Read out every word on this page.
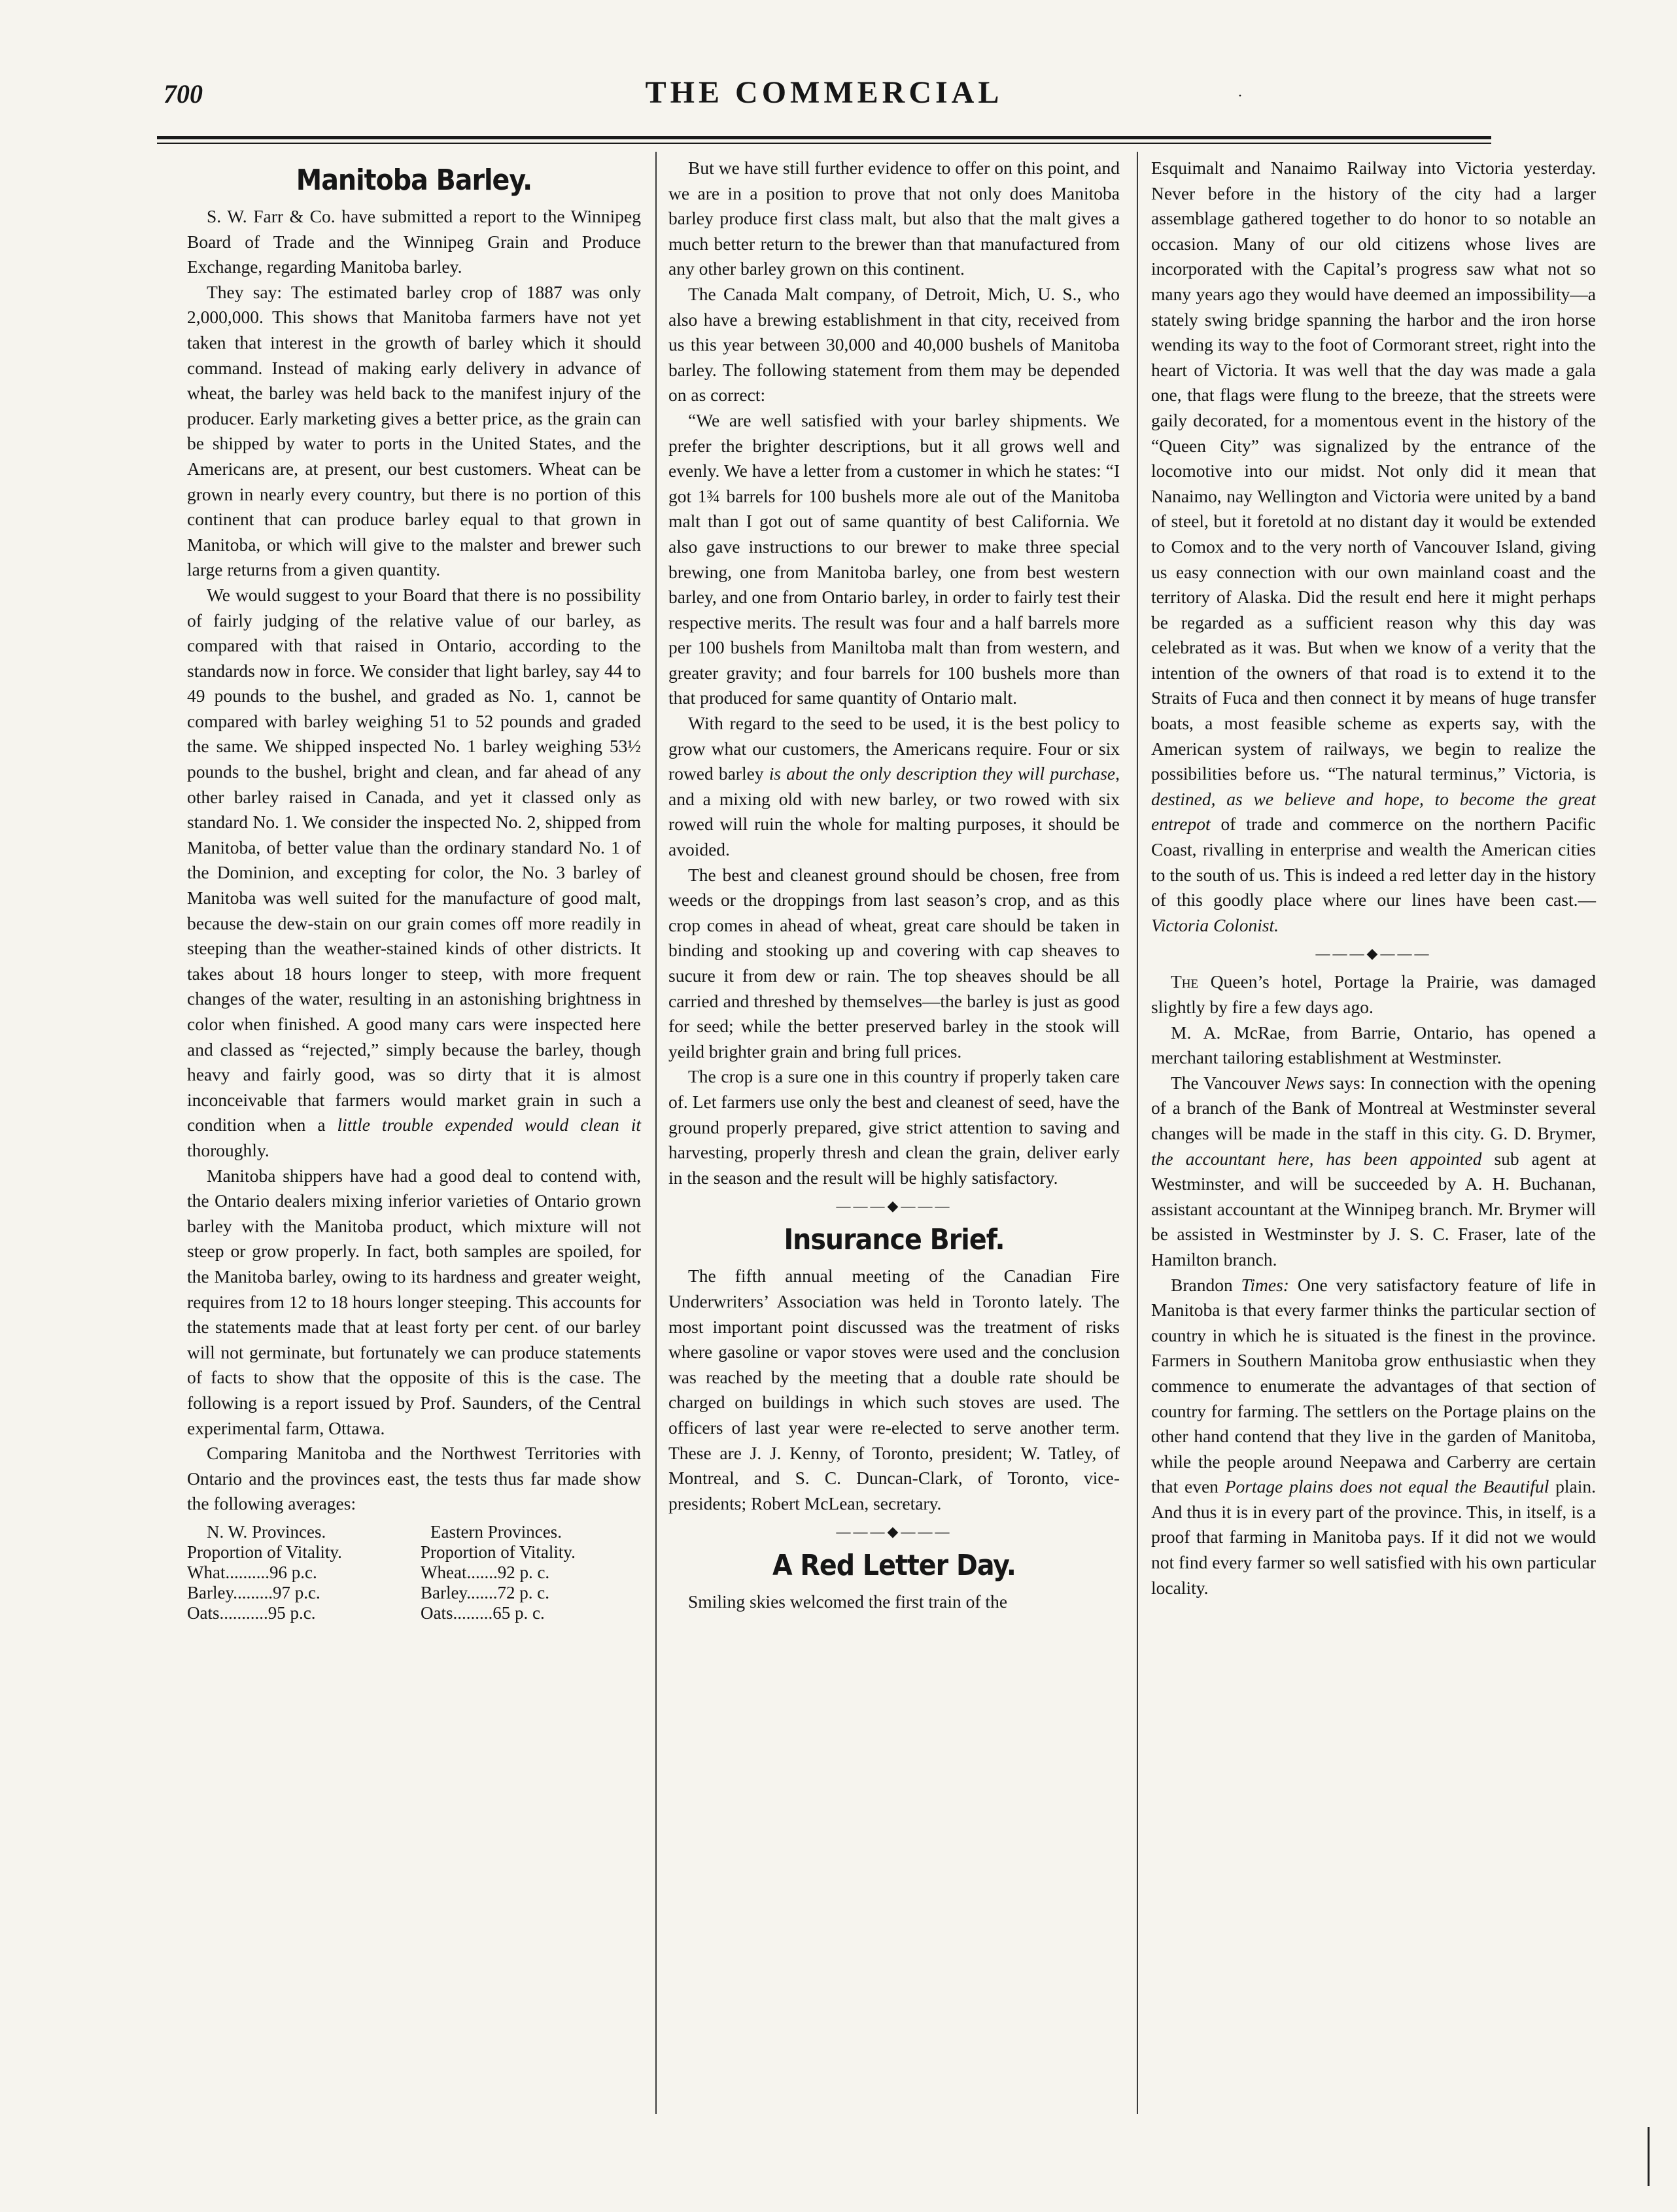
700	THE COMMERCIAL	·
Manitoba Barley.

S. W. Farr & Co. have submitted a report to the Winnipeg Board of Trade and the Winnipeg Grain and Produce Exchange, regarding Manitoba barley.

They say: The estimated barley crop of 1887 was only 2,000,000. This shows that Manitoba farmers have not yet taken that interest in the growth of barley which it should command. Instead of making early delivery in advance of wheat, the barley was held back to the manifest injury of the producer. Early marketing gives a better price, as the grain can be shipped by water to ports in the United States, and the Americans are, at present, our best customers. Wheat can be grown in nearly every country, but there is no portion of this continent that can produce barley equal to that grown in Manitoba, or which will give to the malster and brewer such large returns from a given quantity.

We would suggest to your Board that there is no possibility of fairly judging of the relative value of our barley, as compared with that raised in Ontario, according to the standards now in force. We consider that light barley, say 44 to 49 pounds to the bushel, and graded as No. 1, cannot be compared with barley weighing 51 to 52 pounds and graded the same. We shipped inspected No. 1 barley weighing 53½ pounds to the bushel, bright and clean, and far ahead of any other barley raised in Canada, and yet it classed only as standard No. 1. We consider the inspected No. 2, shipped from Manitoba, of better value than the ordinary standard No. 1 of the Dominion, and excepting for color, the No. 3 barley of Manitoba was well suited for the manufacture of good malt, because the dew-stain on our grain comes off more readily in steeping than the weather-stained kinds of other districts. It takes about 18 hours longer to steep, with more frequent changes of the water, resulting in an astonishing brightness in color when finished. A good many cars were inspected here and classed as “rejected,” simply because the barley, though heavy and fairly good, was so dirty that it is almost inconceivable that farmers would market grain in such a condition when a little trouble expended would clean it thoroughly.

Manitoba shippers have had a good deal to contend with, the Ontario dealers mixing inferior varieties of Ontario grown barley with the Manitoba product, which mixture will not steep or grow properly. In fact, both samples are spoiled, for the Manitoba barley, owing to its hardness and greater weight, requires from 12 to 18 hours longer steeping. This accounts for the statements made that at least forty per cent. of our barley will not germinate, but fortunately we can produce statements of facts to show that the opposite of this is the case. The following is a report issued by Prof. Saunders, of the Central experimental farm, Ottawa.

Comparing Manitoba and the Northwest Territories with Ontario and the provinces east, the tests thus far made show the following averages:

N. W. Provinces.	Eastern Provinces.
Proportion of Vitality.	Proportion of Vitality.
What..........96 p.c.	Wheat.......92 p. c.
Barley.........97 p.c.	Barley.......72 p. c.
Oats...........95 p.c.	Oats.........65 p. c.

But we have still further evidence to offer on this point, and we are in a position to prove that not only does Manitoba barley produce first class malt, but also that the malt gives a much better return to the brewer than that manufactured from any other barley grown on this continent.

The Canada Malt company, of Detroit, Mich, U. S., who also have a brewing establishment in that city, received from us this year between 30,000 and 40,000 bushels of Manitoba barley. The following statement from them may be depended on as correct:

“We are well satisfied with your barley shipments. We prefer the brighter descriptions, but it all grows well and evenly. We have a letter from a customer in which he states: “I got 1¾ barrels for 100 bushels more ale out of the Manitoba malt than I got out of same quantity of best California. We also gave instructions to our brewer to make three special brewing, one from Manitoba barley, one from best western barley, and one from Ontario barley, in order to fairly test their respective merits. The result was four and a half barrels more per 100 bushels from Maniltoba malt than from western, and greater gravity; and four barrels for 100 bushels more than that produced for same quantity of Ontario malt.

With regard to the seed to be used, it is the best policy to grow what our customers, the Americans require. Four or six rowed barley is about the only description they will purchase, and a mixing old with new barley, or two rowed with six rowed will ruin the whole for malting purposes, it should be avoided.

The best and cleanest ground should be chosen, free from weeds or the droppings from last season’s crop, and as this crop comes in ahead of wheat, great care should be taken in binding and stooking up and covering with cap sheaves to sucure it from dew or rain. The top sheaves should be all carried and threshed by themselves—the barley is just as good for seed; while the better preserved barley in the stook will yeild brighter grain and bring full prices.

The crop is a sure one in this country if properly taken care of. Let farmers use only the best and cleanest of seed, have the ground properly prepared, give strict attention to saving and harvesting, properly thresh and clean the grain, deliver early in the season and the result will be highly satisfactory.

———◆———
Insurance Brief.

The fifth annual meeting of the Canadian Fire Underwriters’ Association was held in Toronto lately. The most important point discussed was the treatment of risks where gasoline or vapor stoves were used and the conclusion was reached by the meeting that a double rate should be charged on buildings in which such stoves are used. The officers of last year were re-elected to serve another term. These are J. J. Kenny, of Toronto, president; W. Tatley, of Montreal, and S. C. Duncan-Clark, of Toronto, vice-presidents; Robert McLean, secretary.

———◆———
A Red Letter Day.

Smiling skies welcomed the first train of the

Esquimalt and Nanaimo Railway into Victoria yesterday. Never before in the history of the city had a larger assemblage gathered together to do honor to so notable an occasion. Many of our old citizens whose lives are incorporated with the Capital’s progress saw what not so many years ago they would have deemed an impossibility—a stately swing bridge spanning the harbor and the iron horse wending its way to the foot of Cormorant street, right into the heart of Victoria. It was well that the day was made a gala one, that flags were flung to the breeze, that the streets were gaily decorated, for a momentous event in the history of the “Queen City” was signalized by the entrance of the locomotive into our midst. Not only did it mean that Nanaimo, nay Wellington and Victoria were united by a band of steel, but it foretold at no distant day it would be extended to Comox and to the very north of Vancouver Island, giving us easy connection with our own mainland coast and the territory of Alaska. Did the result end here it might perhaps be regarded as a sufficient reason why this day was celebrated as it was. But when we know of a verity that the intention of the owners of that road is to extend it to the Straits of Fuca and then connect it by means of huge transfer boats, a most feasible scheme as experts say, with the American system of railways, we begin to realize the possibilities before us. “The natural terminus,” Victoria, is destined, as we believe and hope, to become the great entrepot of trade and commerce on the northern Pacific Coast, rivalling in enterprise and wealth the American cities to the south of us. This is indeed a red letter day in the history of this goodly place where our lines have been cast.—Victoria Colonist.

———◆———

The Queen’s hotel, Portage la Prairie, was damaged slightly by fire a few days ago.

M. A. McRae, from Barrie, Ontario, has opened a merchant tailoring establishment at Westminster.

The Vancouver News says: In connection with the opening of a branch of the Bank of Montreal at Westminster several changes will be made in the staff in this city. G. D. Brymer, the accountant here, has been appointed sub agent at Westminster, and will be succeeded by A. H. Buchanan, assistant accountant at the Winnipeg branch. Mr. Brymer will be assisted in Westminster by J. S. C. Fraser, late of the Hamilton branch.

Brandon Times: One very satisfactory feature of life in Manitoba is that every farmer thinks the particular section of country in which he is situated is the finest in the province. Farmers in Southern Manitoba grow enthusiastic when they commence to enumerate the advantages of that section of country for farming. The settlers on the Portage plains on the other hand contend that they live in the garden of Manitoba, while the people around Neepawa and Carberry are certain that even Portage plains does not equal the Beautiful plain. And thus it is in every part of the province. This, in itself, is a proof that farming in Manitoba pays. If it did not we would not find every farmer so well satisfied with his own particular locality.
